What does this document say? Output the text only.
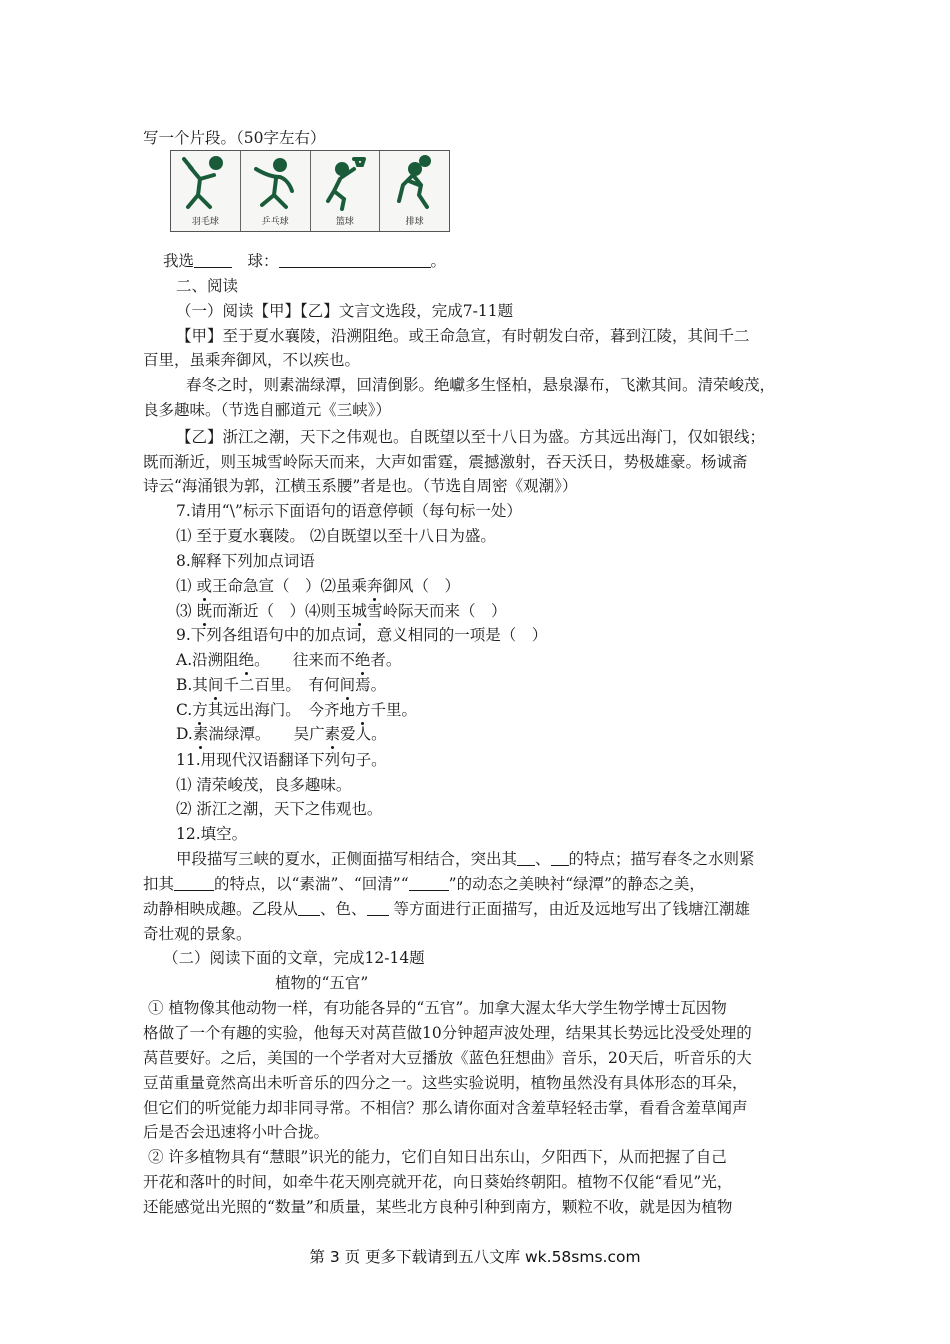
写一个片段。（50字左右）
羽毛球	乒乓球	篮球	排球
我选　	球：	。
二、阅读
（一）阅读【甲】【乙】文言文选段，完成7-11题
【甲】至于夏水襄陵，沿溯阻绝。或王命急宣，有时朝发白帝，暮到江陵，其间千二
百里，虽乘奔御风，不以疾也。
春冬之时，则素湍绿潭，回清倒影。绝巘多生怪柏，悬泉瀑布，飞漱其间。清荣峻茂，
良多趣味。（节选自郦道元《三峡》）
【乙】浙江之潮，天下之伟观也。自既望以至十八日为盛。方其远出海门，仅如银线；
既而渐近，则玉城雪岭际天而来，大声如雷霆，震撼激射，吞天沃日，势极雄豪。杨诚斋
诗云“海涌银为郭，江横玉系腰”者是也。（节选自周密《观潮》）
7.请用“\”标示下面语句的语意停顿（每句标一处）
⑴ 至于夏水襄陵。 ⑵自既望以至十八日为盛。
8.解释下列加点词语
⑴ 或王命急宣（　）⑵虽乘奔御风（　）
⑶ 既而渐近（　）⑷则玉城雪岭际天而来（　）
9.下列各组语句中的加点词，意义相同的一项是（　）
A.沿溯阻绝。　　往来而不绝者。
B.其间千二百里。　有何间焉。
C.方其远出海门。　今齐地方千里。
D.素湍绿潭。　　吴广素爱人。
11.用现代汉语翻译下列句子。
⑴ 清荣峻茂，良多趣味。
⑵ 浙江之潮，天下之伟观也。
12.填空。
甲段描写三峡的夏水，正侧面描写相结合，突出其 、 的特点；描写春冬之水则紧
扣其	的特点，以“素湍”、“回清”“	”的动态之美映衬“绿潭”的静态之美，
动静相映成趣。乙段从 、色、 等方面进行正面描写，由近及远地写出了钱塘江潮雄
奇壮观的景象。
（二）阅读下面的文章，完成12-14题
植物的“五官”
① 植物像其他动物一样，有功能各异的“五官”。加拿大渥太华大学生物学博士瓦因物
格做了一个有趣的实验，他每天对莴苣做10分钟超声波处理，结果其长势远比没受处理的
莴苣要好。之后，美国的一个学者对大豆播放《蓝色狂想曲》音乐，20天后，听音乐的大
豆苗重量竟然高出未听音乐的四分之一。这些实验说明，植物虽然没有具体形态的耳朵，
但它们的听觉能力却非同寻常。不相信？那么请你面对含羞草轻轻击掌，看看含羞草闻声
后是否会迅速将小叶合拢。
② 许多植物具有“慧眼”识光的能力，它们自知日出东山，夕阳西下，从而把握了自己
开花和落叶的时间，如牵牛花天刚亮就开花，向日葵始终朝阳。植物不仅能“看见”光，
还能感觉出光照的“数量”和质量，某些北方良种引种到南方，颗粒不收，就是因为植物
第 3 页 更多下载请到五八文库 wk.58sms.com
